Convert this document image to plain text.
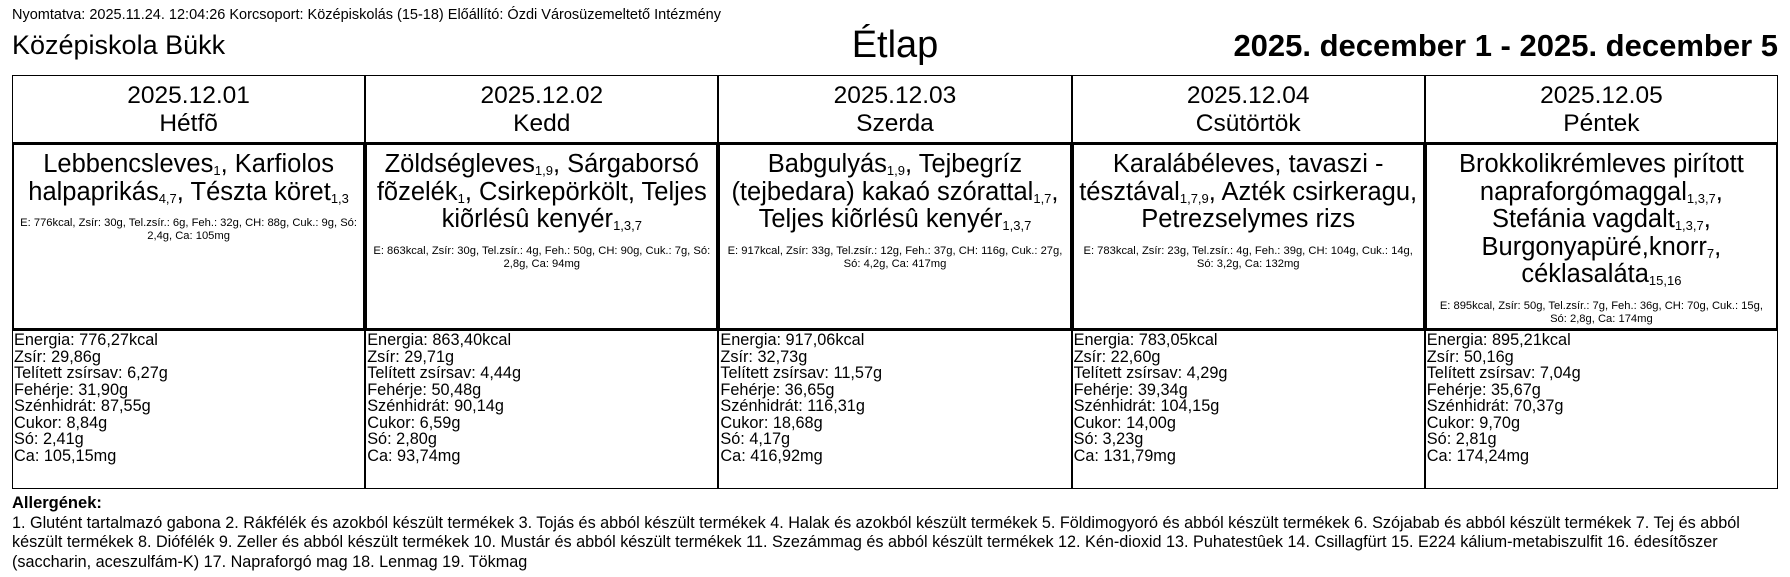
Nyomtatva: 2025.11.24. 12:04:26 Korcsoport: Középiskolás (15-18) Előállító: Ózdi Városüzemeltető Intézmény
Középiskola Bükk	Étlap	2025. december 1 - 2025. december 5
2025.12.01
Hétfõ
Lebbencsleves$_1$, Karfiolos halpaprikás$_{4,7}$, Tészta köret$_{1,3}$
E: 776kcal, Zsír: 30g, Tel.zsír.: 6g, Feh.: 32g, CH: 88g, Cuk.: 9g, Só: 2,4g, Ca: 105mg
Energia: 776,27kcal
Zsír: 29,86g
Telített zsírsav: 6,27g
Fehérje: 31,90g
Szénhidrát: 87,55g
Cukor: 8,84g
Só: 2,41g
Ca: 105,15mg
2025.12.02
Kedd
Zöldségleves$_{1,9}$, Sárgaborsó fõzelék$_1$, Csirkepörkölt, Teljes kiõrlésû kenyér$_{1,3,7}$
E: 863kcal, Zsír: 30g, Tel.zsír.: 4g, Feh.: 50g, CH: 90g, Cuk.: 7g, Só: 2,8g, Ca: 94mg
Energia: 863,40kcal
Zsír: 29,71g
Telített zsírsav: 4,44g
Fehérje: 50,48g
Szénhidrát: 90,14g
Cukor: 6,59g
Só: 2,80g
Ca: 93,74mg
2025.12.03
Szerda
Babgulyás$_{1,9}$, Tejbegríz (tejbedara) kakaó szórattal$_{1,7}$, Teljes kiõrlésû kenyér$_{1,3,7}$
E: 917kcal, Zsír: 33g, Tel.zsír.: 12g, Feh.: 37g, CH: 116g, Cuk.: 27g, Só: 4,2g, Ca: 417mg
Energia: 917,06kcal
Zsír: 32,73g
Telített zsírsav: 11,57g
Fehérje: 36,65g
Szénhidrát: 116,31g
Cukor: 18,68g
Só: 4,17g
Ca: 416,92mg
2025.12.04
Csütörtök
Karalábéleves, tavaszi - tésztával$_{1,7,9}$, Azték csirkeragu, Petrezselymes rizs
E: 783kcal, Zsír: 23g, Tel.zsír.: 4g, Feh.: 39g, CH: 104g, Cuk.: 14g, Só: 3,2g, Ca: 132mg
Energia: 783,05kcal
Zsír: 22,60g
Telített zsírsav: 4,29g
Fehérje: 39,34g
Szénhidrát: 104,15g
Cukor: 14,00g
Só: 3,23g
Ca: 131,79mg
2025.12.05
Péntek
Brokkolikrémleves pirított napraforgómaggal$_{1,3,7}$, Stefánia vagdalt$_{1,3,7}$, Burgonyapüré,knorr$_7$, céklasaláta$_{15,16}$
E: 895kcal, Zsír: 50g, Tel.zsír.: 7g, Feh.: 36g, CH: 70g, Cuk.: 15g, Só: 2,8g, Ca: 174mg
Energia: 895,21kcal
Zsír: 50,16g
Telített zsírsav: 7,04g
Fehérje: 35,67g
Szénhidrát: 70,37g
Cukor: 9,70g
Só: 2,81g
Ca: 174,24mg
Allergének:
1. Glutént tartalmazó gabona 2. Rákfélék és azokból készült termékek 3. Tojás és abból készült termékek 4. Halak és azokból készült termékek 5. Földimogyoró és abból készült termékek 6. Szójabab és abból készült termékek 7. Tej és abból készült termékek 8. Diófélék 9. Zeller és abból készült termékek 10. Mustár és abból készült termékek 11. Szezámmag és abból készült termékek 12. Kén-dioxid 13. Puhatestûek 14. Csillagfürt 15. E224 kálium-metabiszulfit 16. édesítõszer (saccharin, aceszulfám-K) 17. Napraforgó mag 18. Lenmag 19. Tökmag
